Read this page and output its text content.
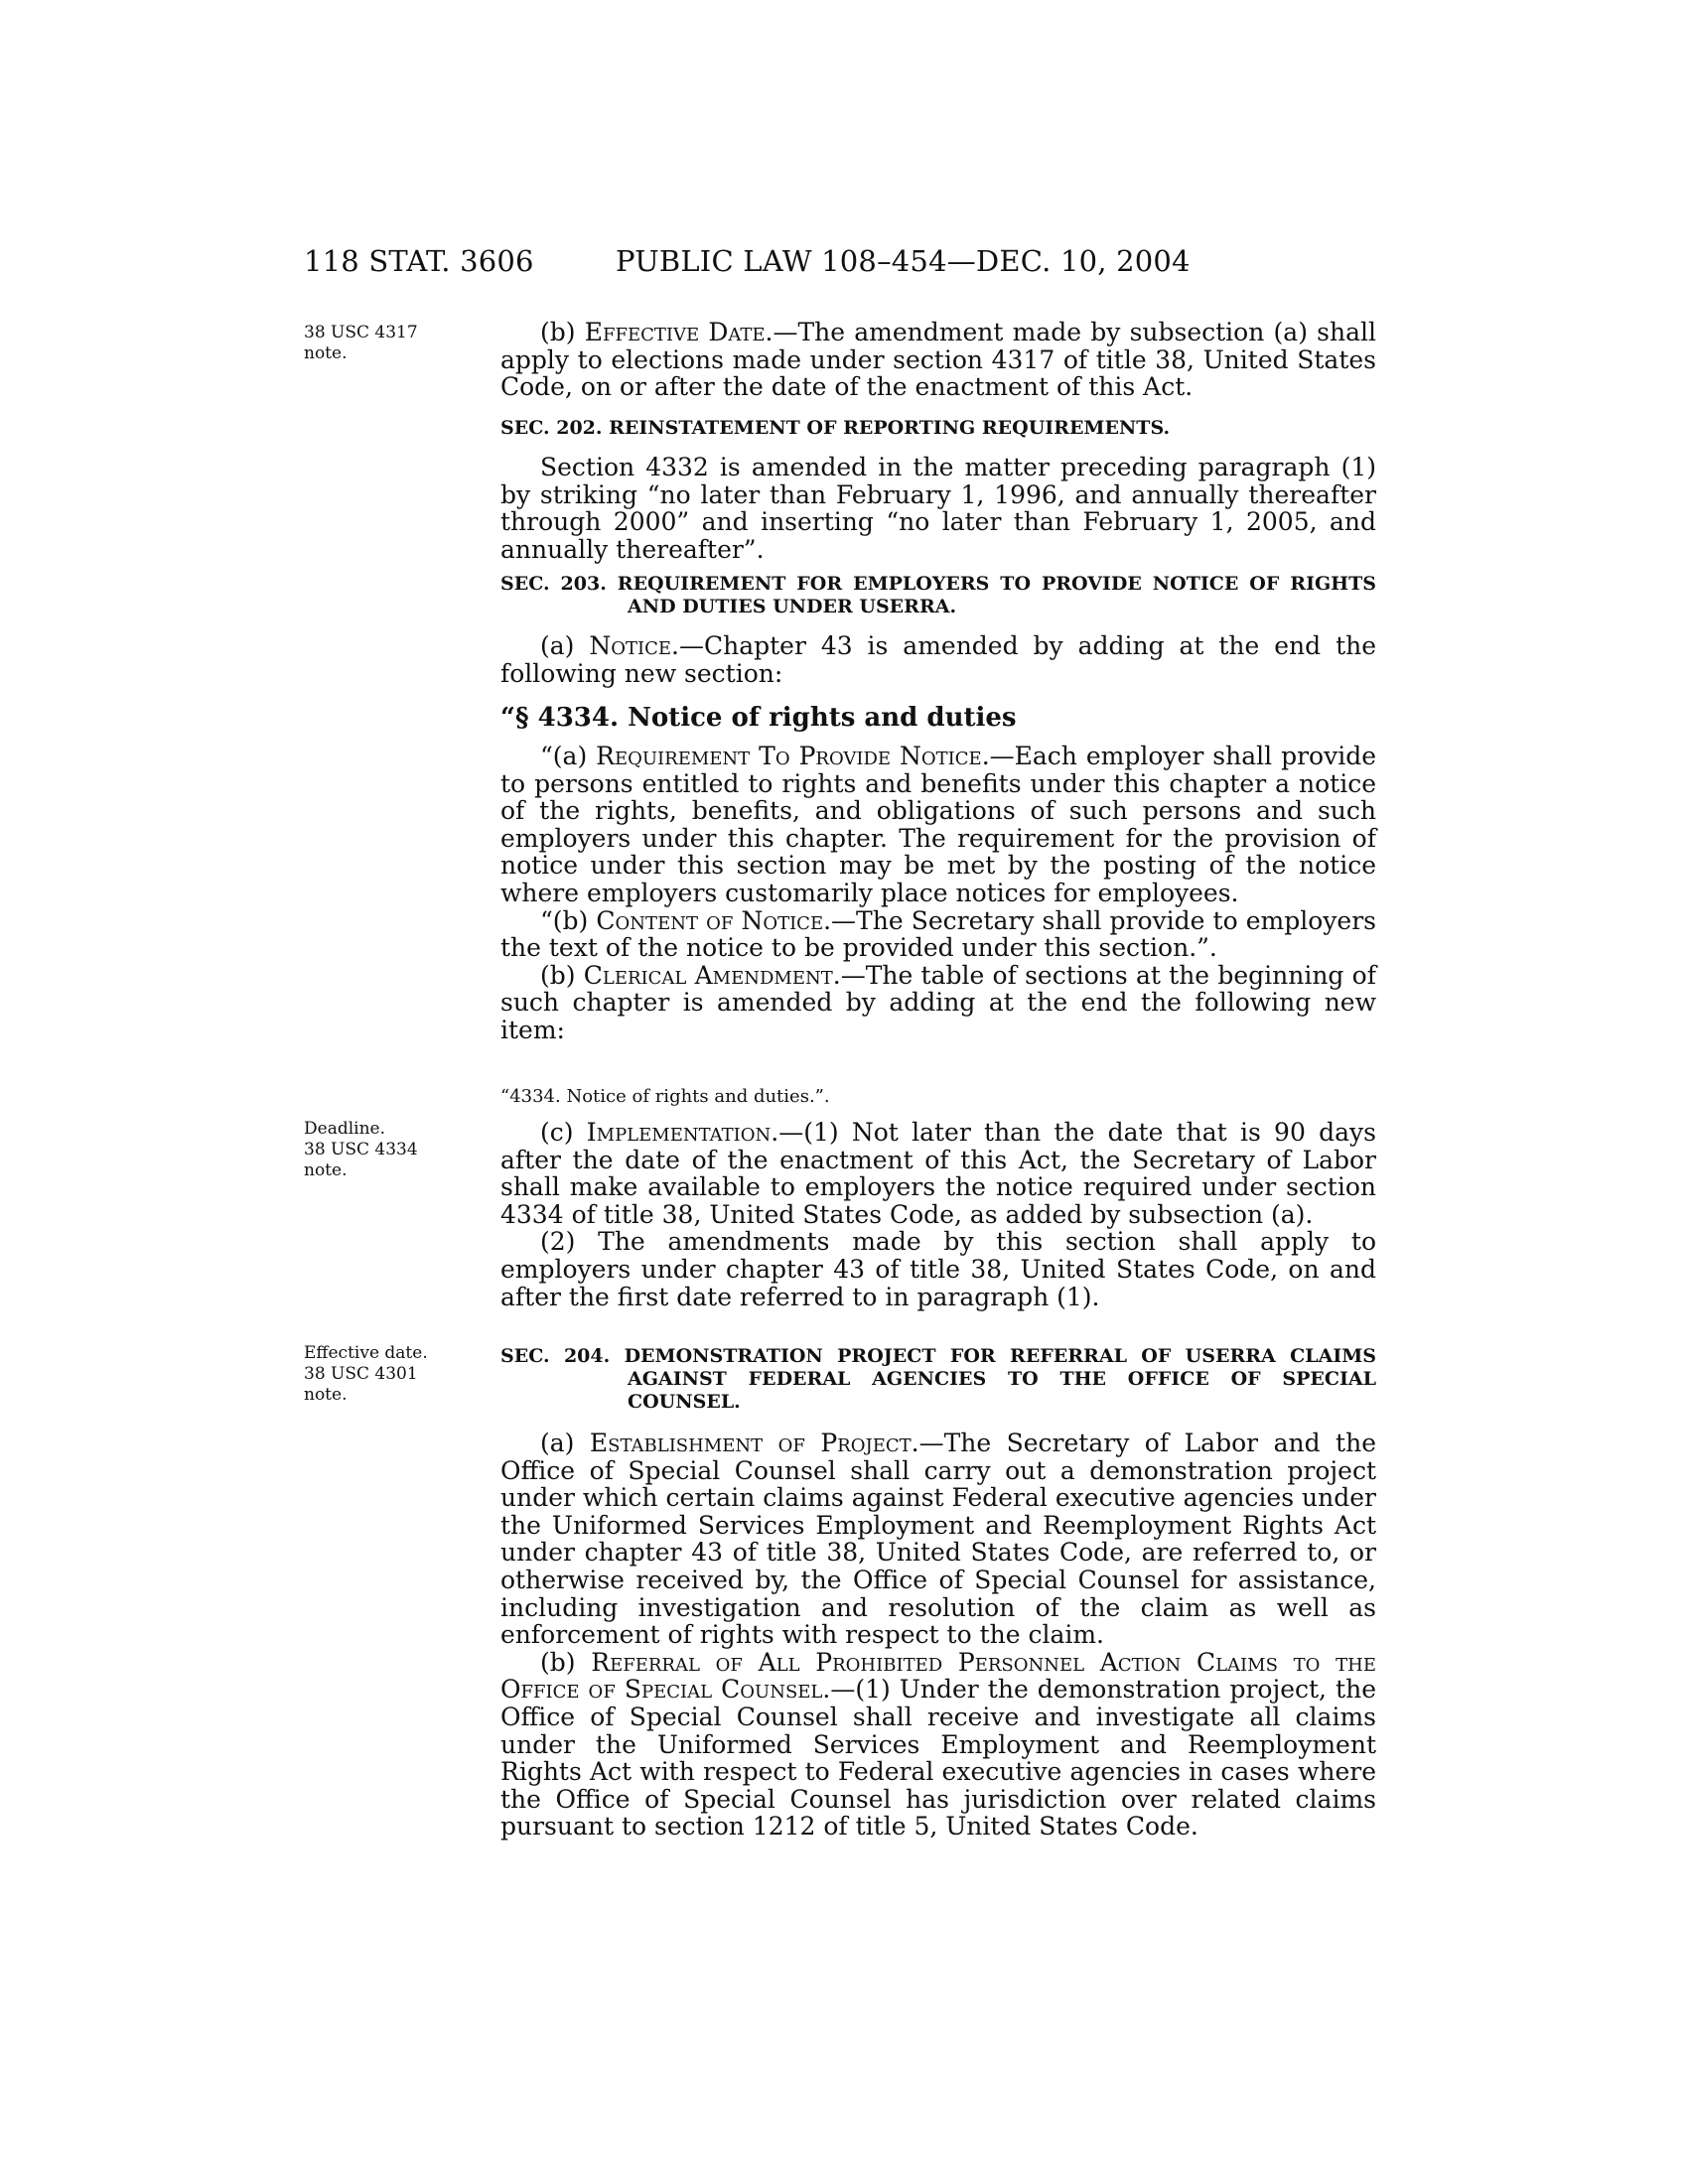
118 STAT. 3606	PUBLIC LAW 108–454—DEC. 10, 2004
38 USC 4317
note.
Deadline.
38 USC 4334
note.
Effective date.
38 USC 4301
note.

(b) Effective Date.—The amendment made by subsection (a) shall apply to elections made under section 4317 of title 38, United States Code, on or after the date of the enactment of this Act.

SEC. 202. REINSTATEMENT OF REPORTING REQUIREMENTS.

Section 4332 is amended in the matter preceding paragraph (1) by striking “no later than February 1, 1996, and annually thereafter through 2000” and inserting “no later than February 1, 2005, and annually thereafter”.

SEC. 203. REQUIREMENT FOR EMPLOYERS TO PROVIDE NOTICE OF RIGHTS AND DUTIES UNDER USERRA.

(a) Notice.—Chapter 43 is amended by adding at the end the following new section:

“§ 4334. Notice of rights and duties

“(a) Requirement To Provide Notice.—Each employer shall provide to persons entitled to rights and benefits under this chapter a notice of the rights, benefits, and obligations of such persons and such employers under this chapter. The requirement for the provision of notice under this section may be met by the posting of the notice where employers customarily place notices for employees.

“(b) Content of Notice.—The Secretary shall provide to employers the text of the notice to be provided under this section.”.

(b) Clerical Amendment.—The table of sections at the beginning of such chapter is amended by adding at the end the following new item:

“4334. Notice of rights and duties.”.

(c) Implementation.—(1) Not later than the date that is 90 days after the date of the enactment of this Act, the Secretary of Labor shall make available to employers the notice required under section 4334 of title 38, United States Code, as added by subsection (a).

(2) The amendments made by this section shall apply to employers under chapter 43 of title 38, United States Code, on and after the first date referred to in paragraph (1).

SEC. 204. DEMONSTRATION PROJECT FOR REFERRAL OF USERRA CLAIMS AGAINST FEDERAL AGENCIES TO THE OFFICE OF SPECIAL COUNSEL.

(a) Establishment of Project.—The Secretary of Labor and the Office of Special Counsel shall carry out a demonstration project under which certain claims against Federal executive agencies under the Uniformed Services Employment and Reemployment Rights Act under chapter 43 of title 38, United States Code, are referred to, or otherwise received by, the Office of Special Counsel for assistance, including investigation and resolution of the claim as well as enforcement of rights with respect to the claim.

(b) Referral of All Prohibited Personnel Action Claims to the Office of Special Counsel.—(1) Under the demonstration project, the Office of Special Counsel shall receive and investigate all claims under the Uniformed Services Employment and Reemployment Rights Act with respect to Federal executive agencies in cases where the Office of Special Counsel has jurisdiction over related claims pursuant to section 1212 of title 5, United States Code.
